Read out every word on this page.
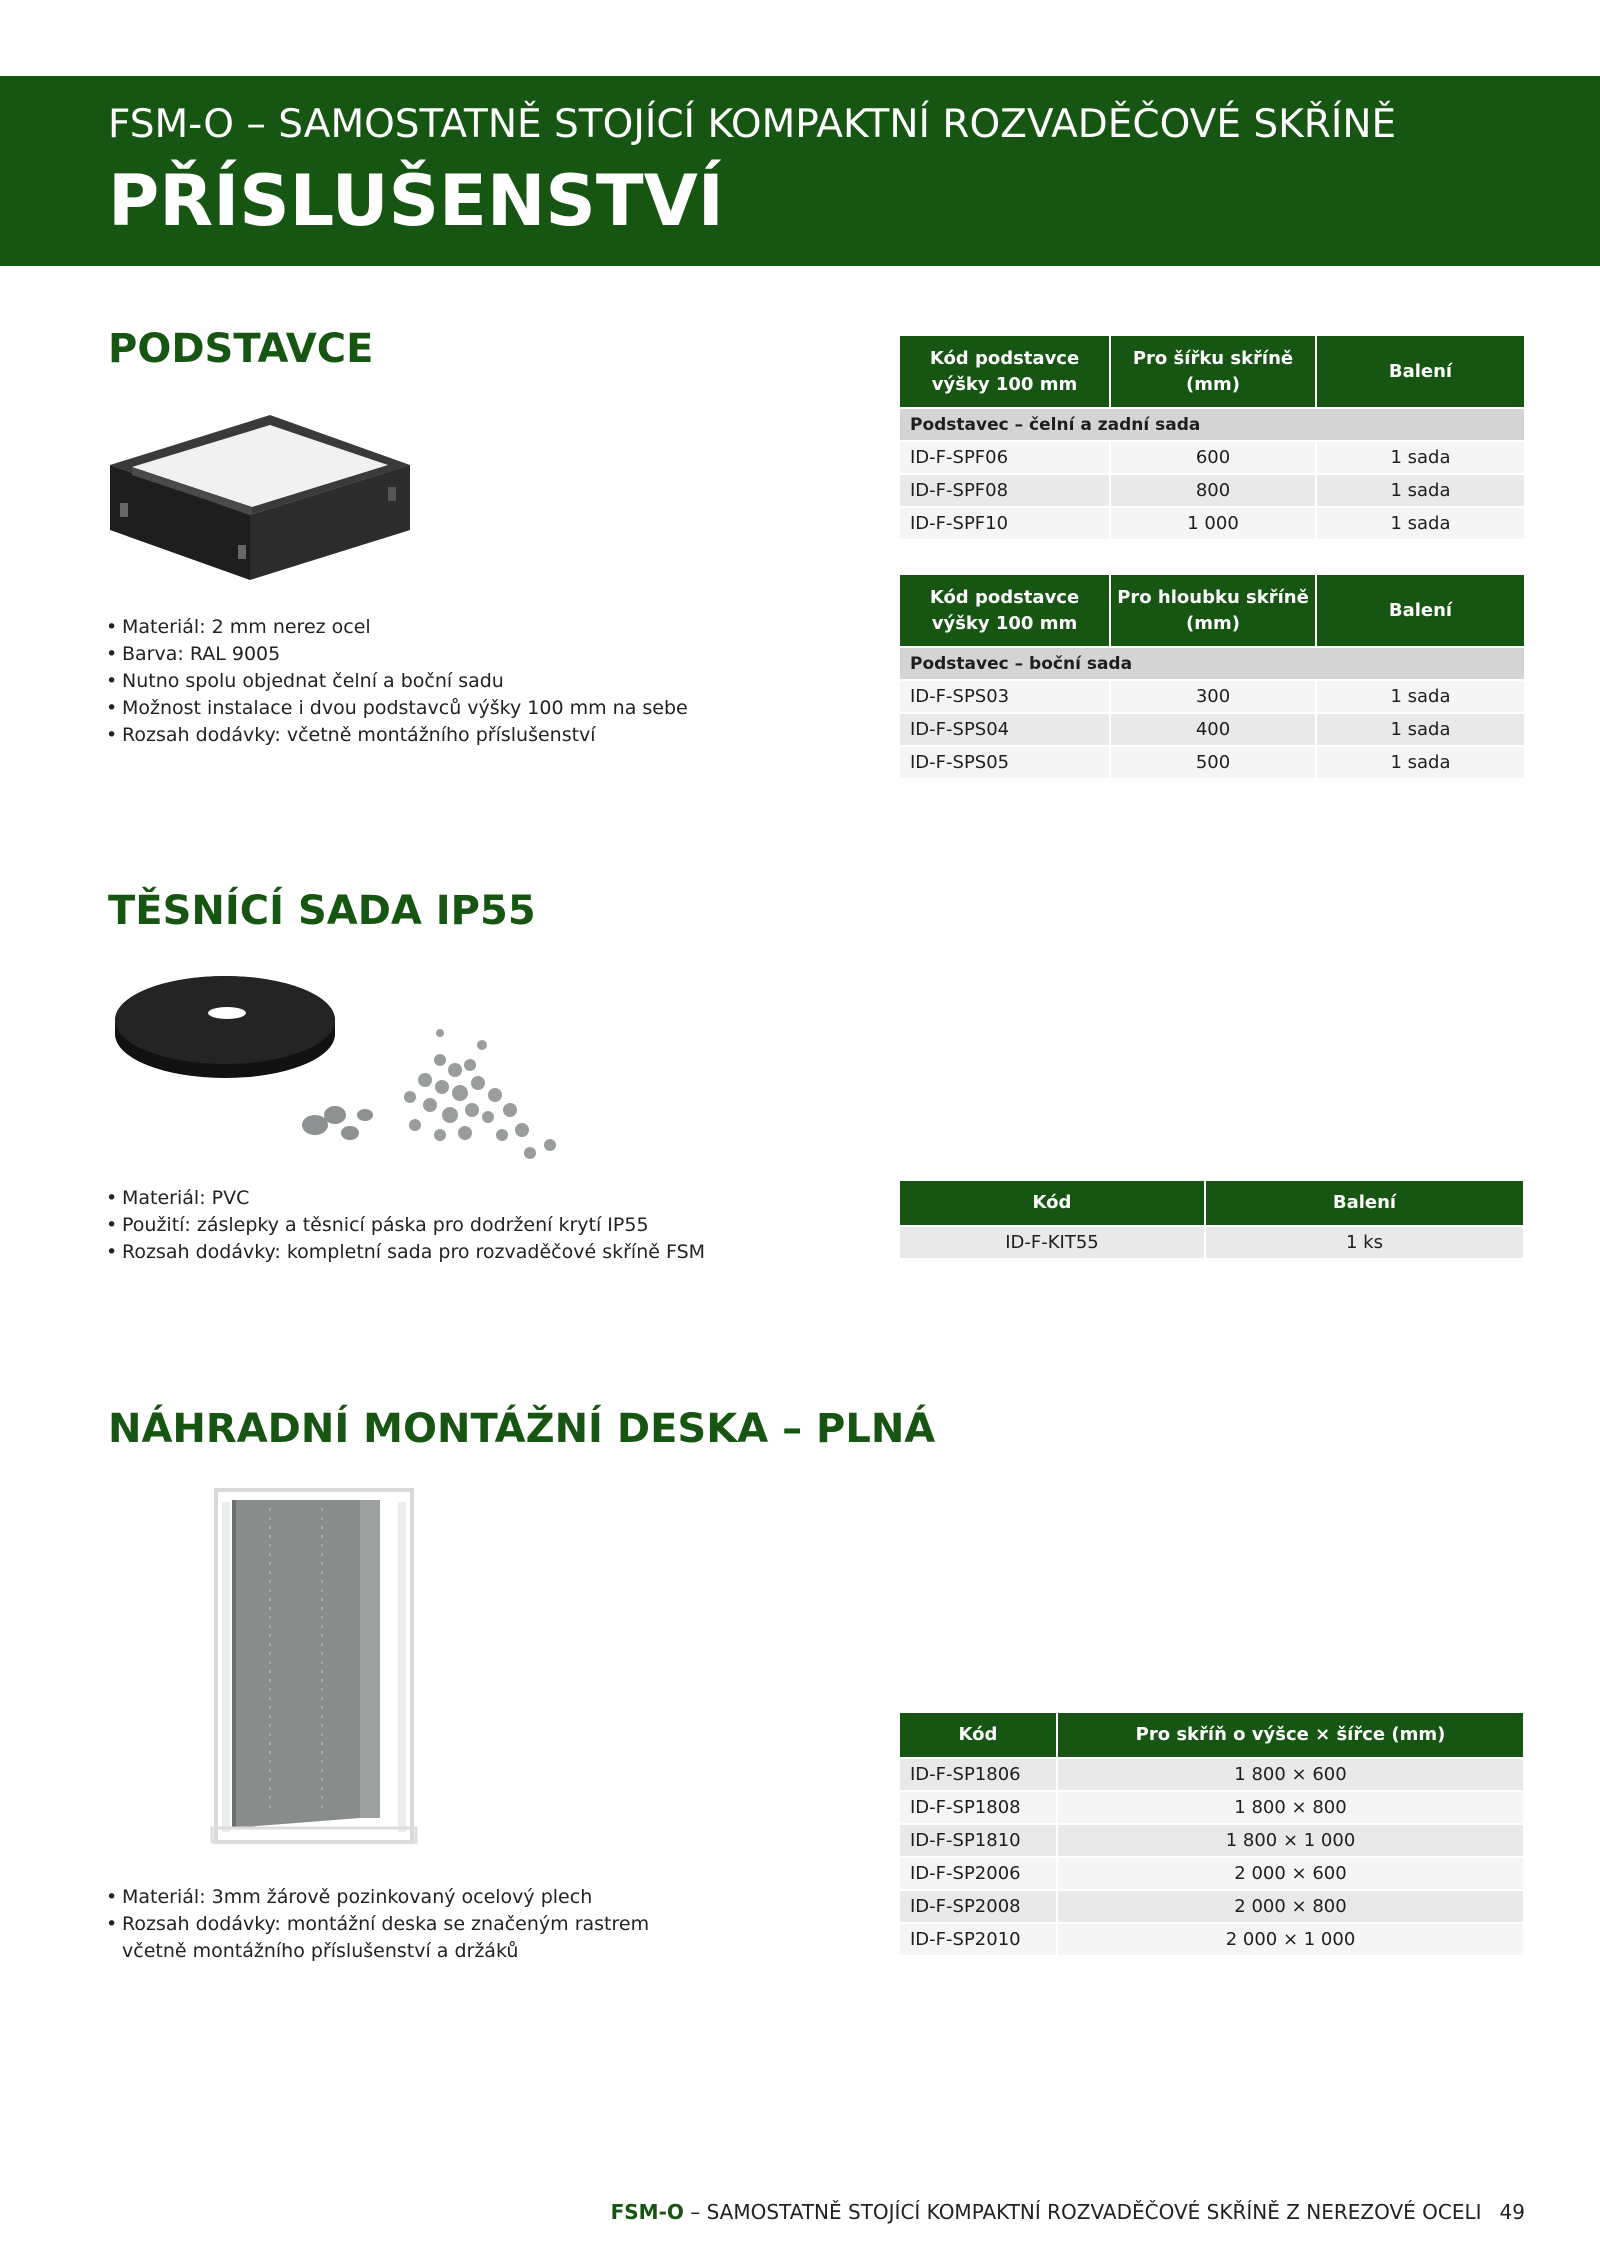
FSM-O – SAMOSTATNĚ STOJÍCÍ KOMPAKTNÍ ROZVADĚČOVÉ SKŘÍNĚ
PŘÍSLUŠENSTVÍ
PODSTAVCE
• Materiál: 2 mm nerez ocel
• Barva: RAL 9005
• Nutno spolu objednat čelní a boční sadu
• Možnost instalace i dvou podstavců výšky 100 mm na sebe
• Rozsah dodávky: včetně montážního příslušenství
Kód podstavce výšky 100 mm	Pro šířku skříně (mm)	Balení
Podstavec – čelní a zadní sada		
ID-F-SPF06	600	1 sada
ID-F-SPF08	800	1 sada
ID-F-SPF10	1 000	1 sada
Kód podstavce výšky 100 mm	Pro hloubku skříně (mm)	Balení
Podstavec – boční sada		
ID-F-SPS03	300	1 sada
ID-F-SPS04	400	1 sada
ID-F-SPS05	500	1 sada
TĚSNÍCÍ SADA IP55
• Materiál: PVC
• Použití: záslepky a těsnicí páska pro dodržení krytí IP55
• Rozsah dodávky: kompletní sada pro rozvaděčové skříně FSM
Kód	Balení
ID-F-KIT55	1 ks
NÁHRADNÍ MONTÁŽNÍ DESKA – PLNÁ
• Materiál: 3mm žárově pozinkovaný ocelový plech
• Rozsah dodávky: montážní deska se značeným rastrem včetně montážního příslušenství a držáků
Kód	Pro skříň o výšce × šířce (mm)
ID-F-SP1806	1 800 × 600
ID-F-SP1808	1 800 × 800
ID-F-SP1810	1 800 × 1 000
ID-F-SP2006	2 000 × 600
ID-F-SP2008	2 000 × 800
ID-F-SP2010	2 000 × 1 000
FSM-O – SAMOSTATNĚ STOJÍCÍ KOMPAKTNÍ ROZVADĚČOVÉ SKŘÍNĚ Z NEREZOVÉ OCELI 49
